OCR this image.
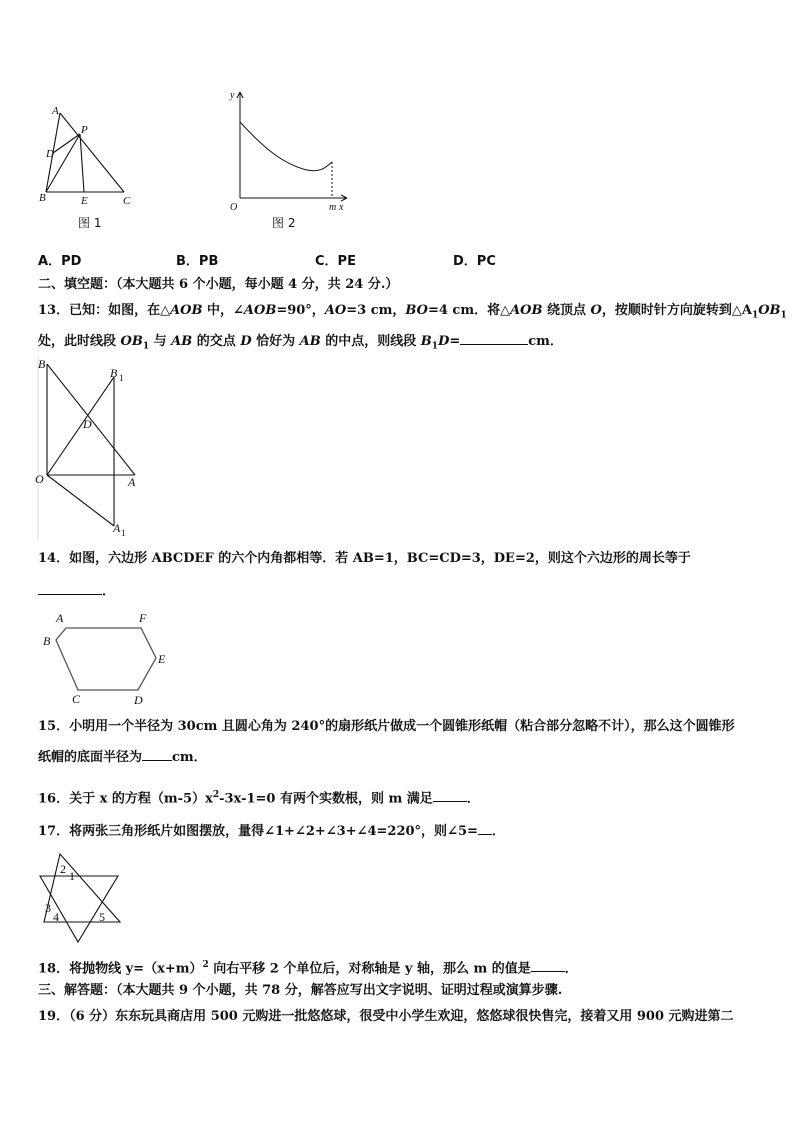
A
P
D
B	E	C
图 1
y
O	m x
图 2
A．PD	B．PB	C．PE	D．PC
二、填空题：（本大题共 6 个小题，每小题 4 分，共 24 分.）
13．已知：如图，在△AOB 中，∠AOB=90°，AO=3 cm，BO=4 cm．将△AOB 绕顶点 O，按顺时针方向旋转到$\triangle A_1OB_1$
处，此时线段 $OB_1$ 与 AB 的交点 D 恰好为 AB 的中点，则线段 $B_1D=$	cm．
B
B 1
D
O	A
A 1
14．如图，六边形 ABCDEF 的六个内角都相等．若 AB=1，BC=CD=3，DE=2，则这个六边形的周长等于
．
A	F
B
E
C	D
15．小明用一个半径为 30cm 且圆心角为 240°的扇形纸片做成一个圆锥形纸帽（粘合部分忽略不计），那么这个圆锥形
纸帽的底面半径为 cm．
16．关于 x 的方程$(m-5)x^2-3x-1=0$ 有两个实数根，则 m 满足	．
17．将两张三角形纸片如图摆放，量得∠1+∠2+∠3+∠4=220°，则∠5= ．
2 1
3
4	5
18．将抛物线 $y=(x+m)^2$ 向右平移 2 个单位后，对称轴是 y 轴，那么 m 的值是	．
三、解答题：（本大题共 9 个小题，共 78 分，解答应写出文字说明、证明过程或演算步骤.
19．（6 分）东东玩具商店用 500 元购进一批悠悠球，很受中小学生欢迎，悠悠球很快售完，接着又用 900 元购进第二
